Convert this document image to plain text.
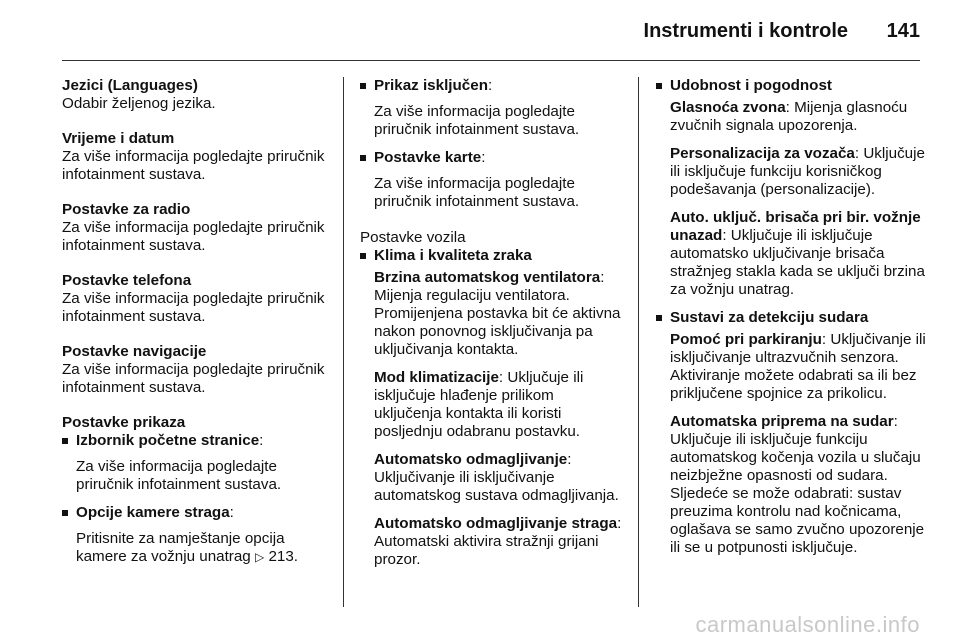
Instrumenti i kontrole 141
Jezici (Languages)
Odabir željenog jezika.
Vrijeme i datum
Za više informacija pogledajte priručnik infotainment sustava.
Postavke za radio
Za više informacija pogledajte priručnik infotainment sustava.
Postavke telefona
Za više informacija pogledajte priručnik infotainment sustava.
Postavke navigacije
Za više informacija pogledajte priručnik infotainment sustava.
Postavke prikaza
Izbornik početne stranice:
Za više informacija pogledajte priručnik infotainment sustava.
Opcije kamere straga:
Pritisnite za namještanje opcija kamere za vožnju unatrag ▷ 213.
Prikaz isključen:
Za više informacija pogledajte priručnik infotainment sustava.
Postavke karte:
Za više informacija pogledajte priručnik infotainment sustava.
Postavke vozila
Klima i kvaliteta zraka
Brzina automatskog ventilatora: Mijenja regulaciju ventilatora. Promijenjena postavka bit će aktivna nakon ponovnog isključivanja pa uključivanja kontakta.
Mod klimatizacije: Uključuje ili isključuje hlađenje prilikom uključenja kontakta ili koristi posljednju odabranu postavku.
Automatsko odmagljivanje: Uključivanje ili isključivanje automatskog sustava odmagljivanja.
Automatsko odmagljivanje straga: Automatski aktivira stražnji grijani prozor.
Udobnost i pogodnost
Glasnoća zvona: Mijenja glasnoću zvučnih signala upozorenja.
Personalizacija za vozača: Uključuje ili isključuje funkciju korisničkog podešavanja (personalizacije).
Auto. uključ. brisača pri bir. vožnje unazad: Uključuje ili isključuje automatsko uključivanje brisača stražnjeg stakla kada se uključi brzina za vožnju unatrag.
Sustavi za detekciju sudara
Pomoć pri parkiranju: Uključivanje ili isključivanje ultrazvučnih senzora. Aktiviranje možete odabrati sa ili bez priključene spojnice za prikolicu.
Automatska priprema na sudar: Uključuje ili isključuje funkciju automatskog kočenja vozila u slučaju neizbježne opasnosti od sudara. Sljedeće se može odabrati: sustav preuzima kontrolu nad kočnicama, oglašava se samo zvučno upozorenje ili se u potpunosti isključuje.
carmanualsonline.info
